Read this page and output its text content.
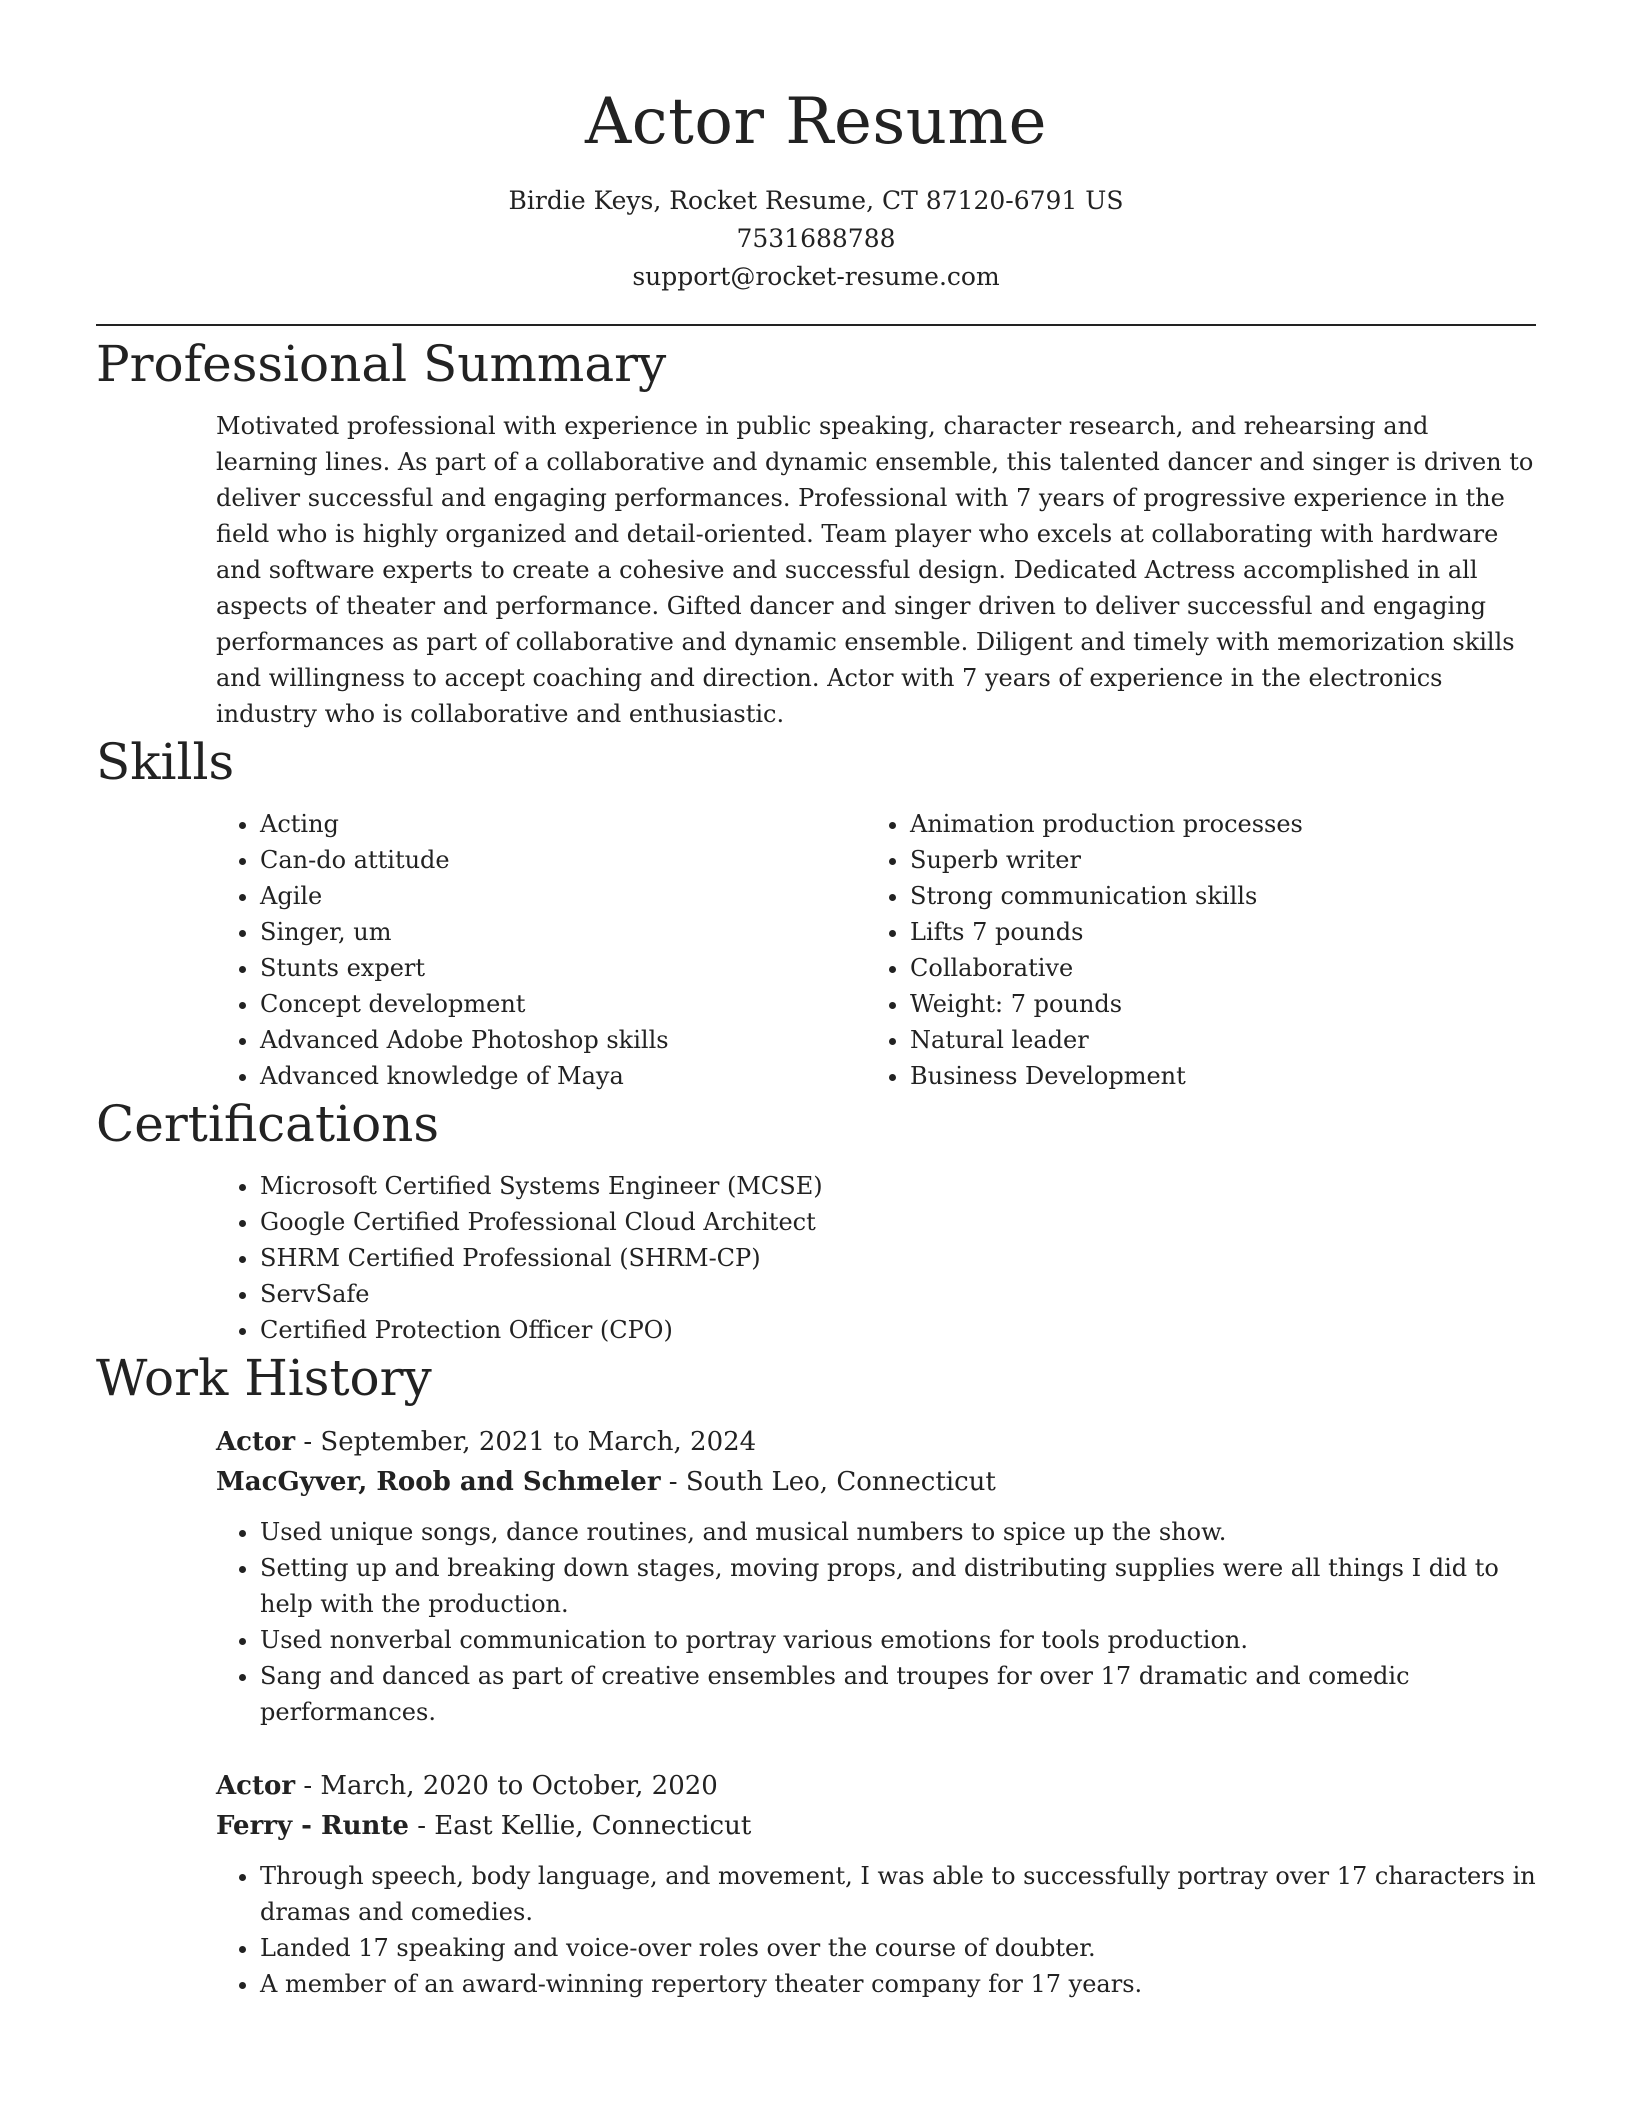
Actor Resume
Birdie Keys, Rocket Resume, CT 87120-6791 US
7531688788
support@rocket-resume.com
Professional Summary
Motivated professional with experience in public speaking, character research, and rehearsing and learning lines. As part of a collaborative and dynamic ensemble, this talented dancer and singer is driven to deliver successful and engaging performances. Professional with 7 years of progressive experience in the field who is highly organized and detail-oriented. Team player who excels at collaborating with hardware and software experts to create a cohesive and successful design. Dedicated Actress accomplished in all aspects of theater and performance. Gifted dancer and singer driven to deliver successful and engaging performances as part of collaborative and dynamic ensemble. Diligent and timely with memorization skills and willingness to accept coaching and direction. Actor with 7 years of experience in the electronics industry who is collaborative and enthusiastic.
Skills
• Acting
• Can-do attitude
• Agile
• Singer, um
• Stunts expert
• Concept development
• Advanced Adobe Photoshop skills
• Advanced knowledge of Maya
• Animation production processes
• Superb writer
• Strong communication skills
• Lifts 7 pounds
• Collaborative
• Weight: 7 pounds
• Natural leader
• Business Development
Certifications
• Microsoft Certified Systems Engineer (MCSE)
• Google Certified Professional Cloud Architect
• SHRM Certified Professional (SHRM-CP)
• ServSafe
• Certified Protection Officer (CPO)
Work History
Actor - September, 2021 to March, 2024
MacGyver, Roob and Schmeler - South Leo, Connecticut
• Used unique songs, dance routines, and musical numbers to spice up the show.
• Setting up and breaking down stages, moving props, and distributing supplies were all things I did to help with the production.
• Used nonverbal communication to portray various emotions for tools production.
• Sang and danced as part of creative ensembles and troupes for over 17 dramatic and comedic performances.
Actor - March, 2020 to October, 2020
Ferry - Runte - East Kellie, Connecticut
• Through speech, body language, and movement, I was able to successfully portray over 17 characters in dramas and comedies.
• Landed 17 speaking and voice-over roles over the course of doubter.
• A member of an award-winning repertory theater company for 17 years.
